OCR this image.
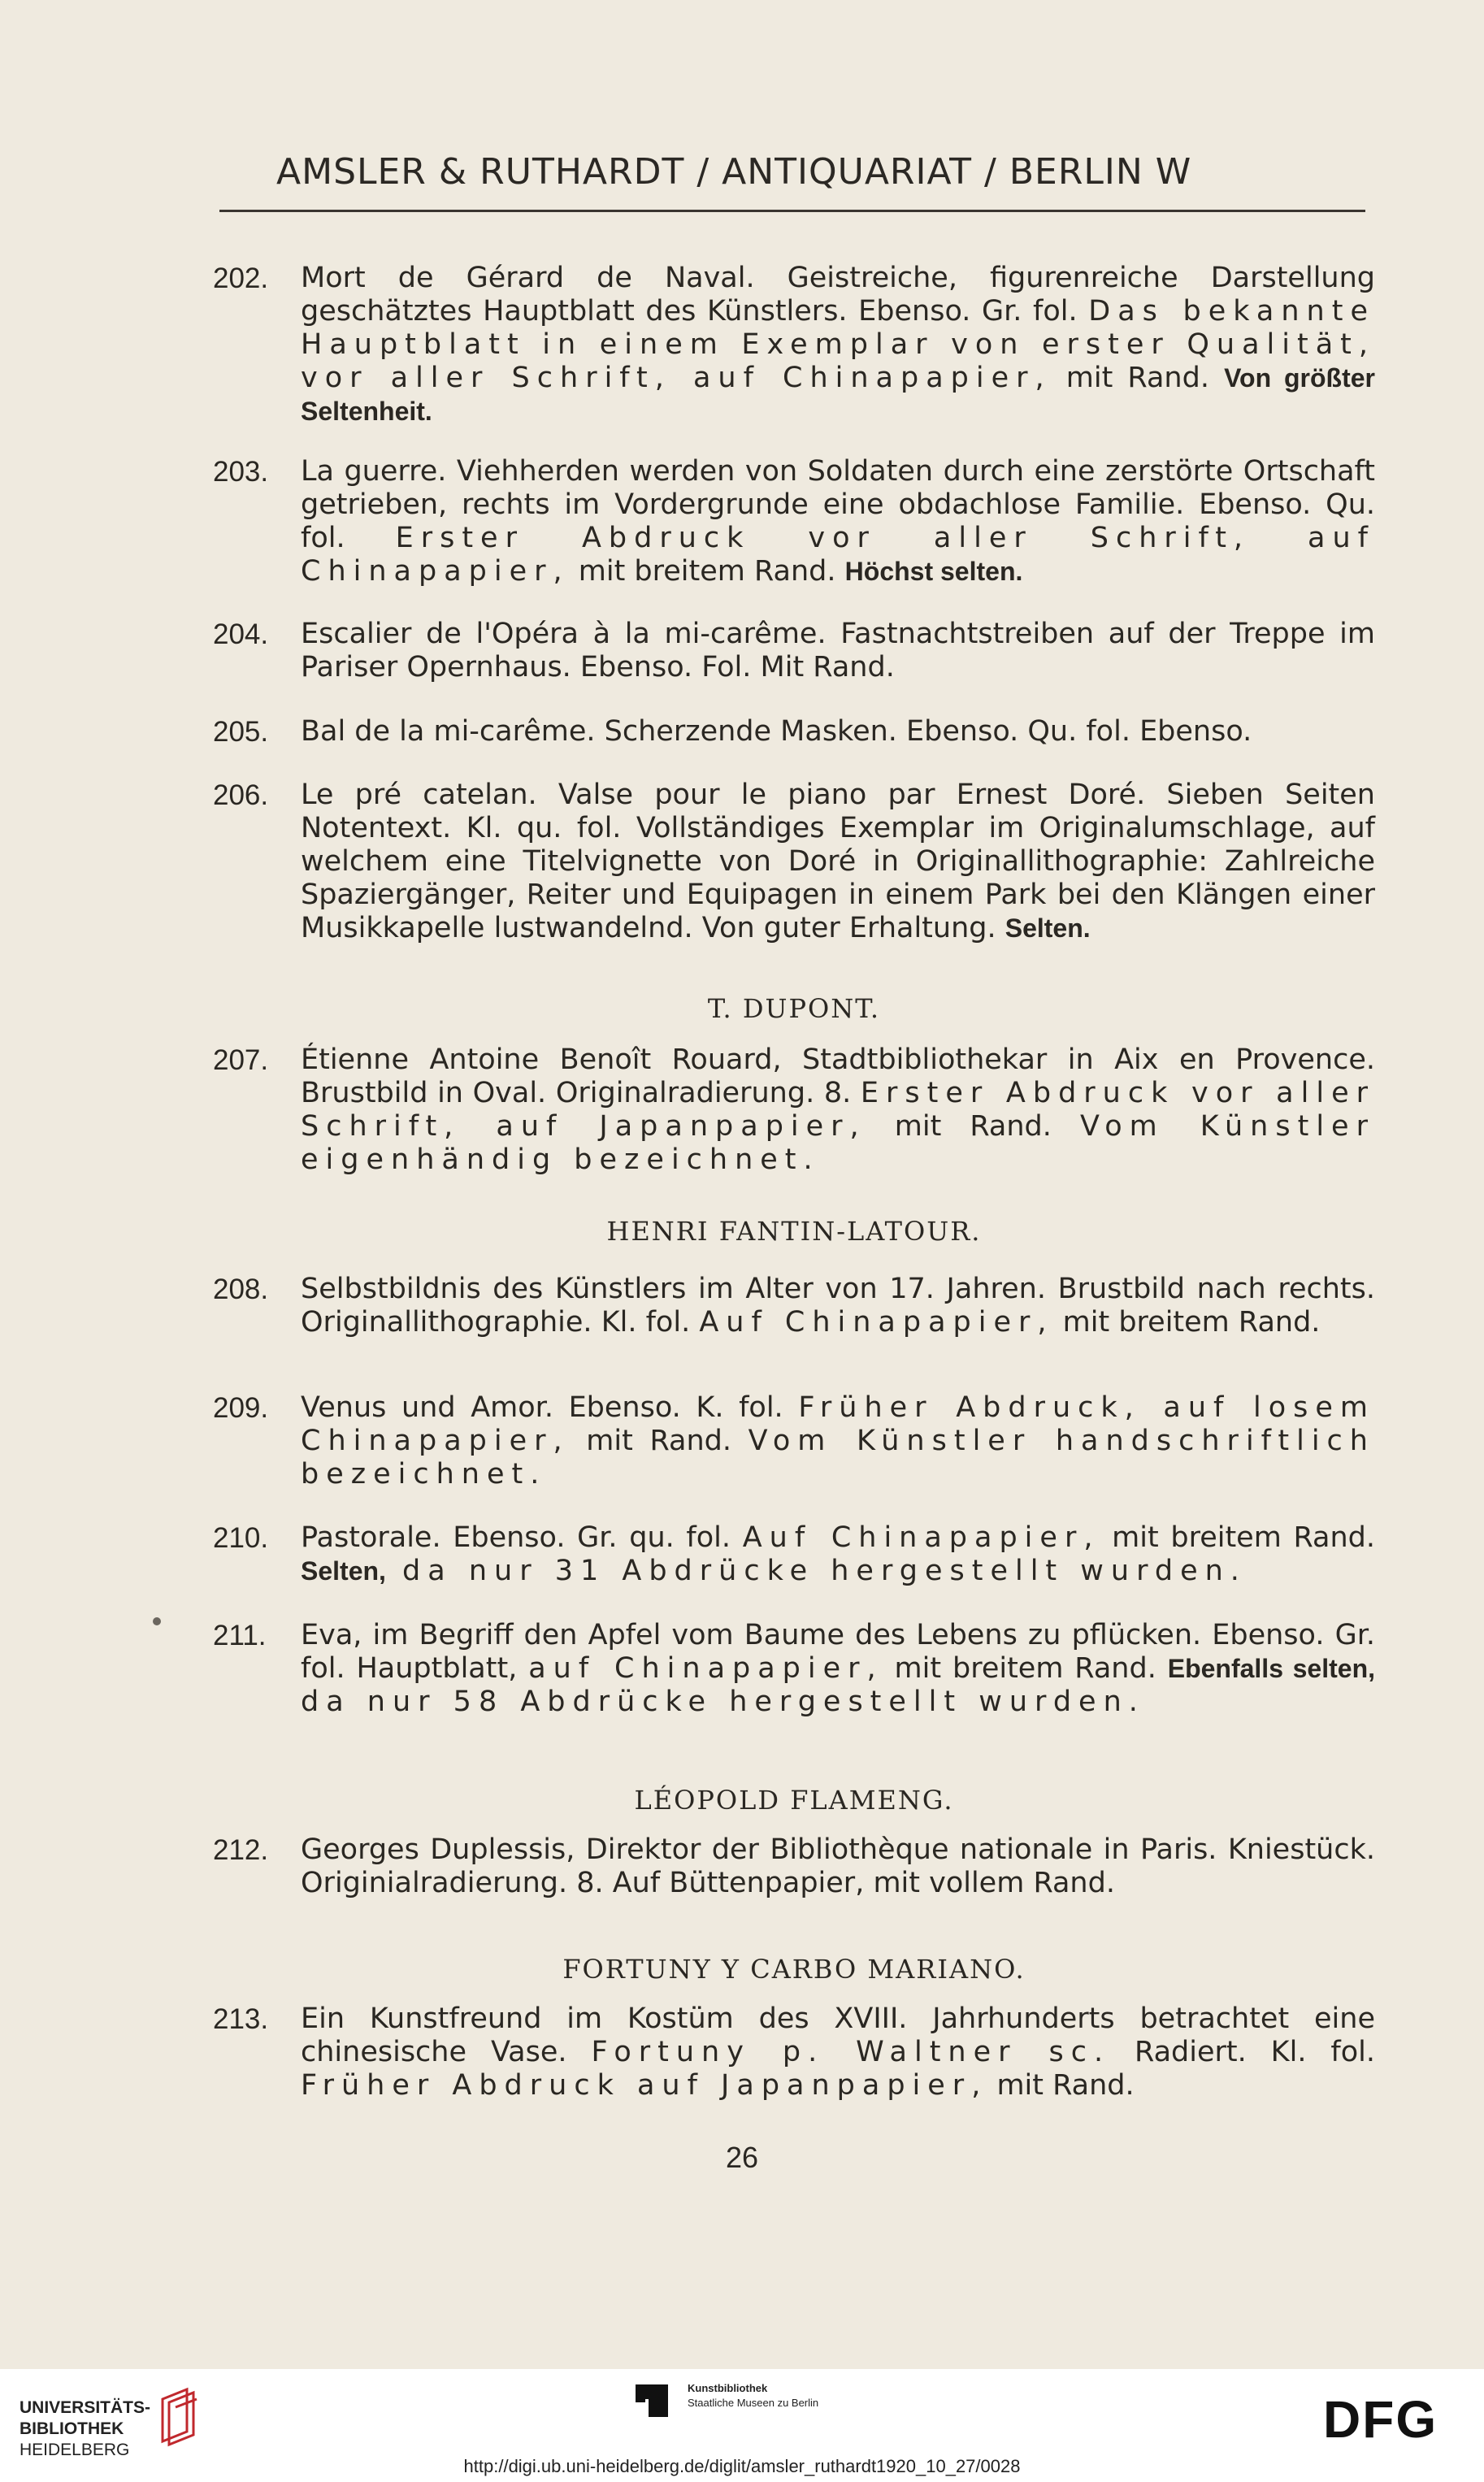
AMSLER & RUTHARDT / ANTIQUARIAT / BERLIN W
202.	Mort de Gérard de Naval. Geistreiche, figurenreiche Darstellung geschätztes Hauptblatt des Künstlers. Ebenso. Gr. fol. Das bekannte Hauptblatt in einem Exemplar von erster Qualität, vor aller Schrift, auf Chinapapier, mit Rand. Von größter Seltenheit.
203.	La guerre. Viehherden werden von Soldaten durch eine zerstörte Ortschaft getrieben, rechts im Vordergrunde eine obdachlose Familie. Ebenso. Qu. fol. Erster Abdruck vor aller Schrift, auf Chinapapier, mit breitem Rand. Höchst selten.
204.	Escalier de l'Opéra à la mi-carême. Fastnachtstreiben auf der Treppe im Pariser Opernhaus. Ebenso. Fol. Mit Rand.
205.	Bal de la mi-carême. Scherzende Masken. Ebenso. Qu. fol. Ebenso.
206.	Le pré catelan. Valse pour le piano par Ernest Doré. Sieben Seiten Notentext. Kl. qu. fol. Vollständiges Exemplar im Originalumschlage, auf welchem eine Titelvignette von Doré in Originallithographie: Zahlreiche Spaziergänger, Reiter und Equipagen in einem Park bei den Klängen einer Musikkapelle lustwandelnd. Von guter Erhaltung. Selten.
T. DUPONT.
207.	Étienne Antoine Benoît Rouard, Stadtbibliothekar in Aix en Provence. Brustbild in Oval. Originalradierung. 8. Erster Abdruck vor aller Schrift, auf Japanpapier, mit Rand. Vom Künstler eigenhändig bezeichnet.
HENRI FANTIN-LATOUR.
208.	Selbstbildnis des Künstlers im Alter von 17. Jahren. Brustbild nach rechts. Originallithographie. Kl. fol. Auf Chinapapier, mit breitem Rand.
209.	Venus und Amor. Ebenso. K. fol. Früher Abdruck, auf losem Chinapapier, mit Rand. Vom Künstler handschriftlich bezeichnet.
210.	Pastorale. Ebenso. Gr. qu. fol. Auf Chinapapier, mit breitem Rand. Selten, da nur 31 Abdrücke hergestellt wurden.
211.	Eva, im Begriff den Apfel vom Baume des Lebens zu pflücken. Ebenso. Gr. fol. Hauptblatt, auf Chinapapier, mit breitem Rand. Ebenfalls selten, da nur 58 Abdrücke hergestellt wurden.
LÉOPOLD FLAMENG.
212.	Georges Duplessis, Direktor der Bibliothèque nationale in Paris. Kniestück. Originialradierung. 8. Auf Büttenpapier, mit vollem Rand.
FORTUNY Y CARBO MARIANO.
213.	Ein Kunstfreund im Kostüm des XVIII. Jahrhunderts betrachtet eine chinesische Vase. Fortuny p. Waltner sc. Radiert. Kl. fol. Früher Abdruck auf Japanpapier, mit Rand.
26
UNIVERSITÄTS-
BIBLIOTHEK
HEIDELBERG
Kunstbibliothek
Staatliche Museen zu Berlin	DFG
http://digi.ub.uni-heidelberg.de/diglit/amsler_ruthardt1920_10_27/0028
